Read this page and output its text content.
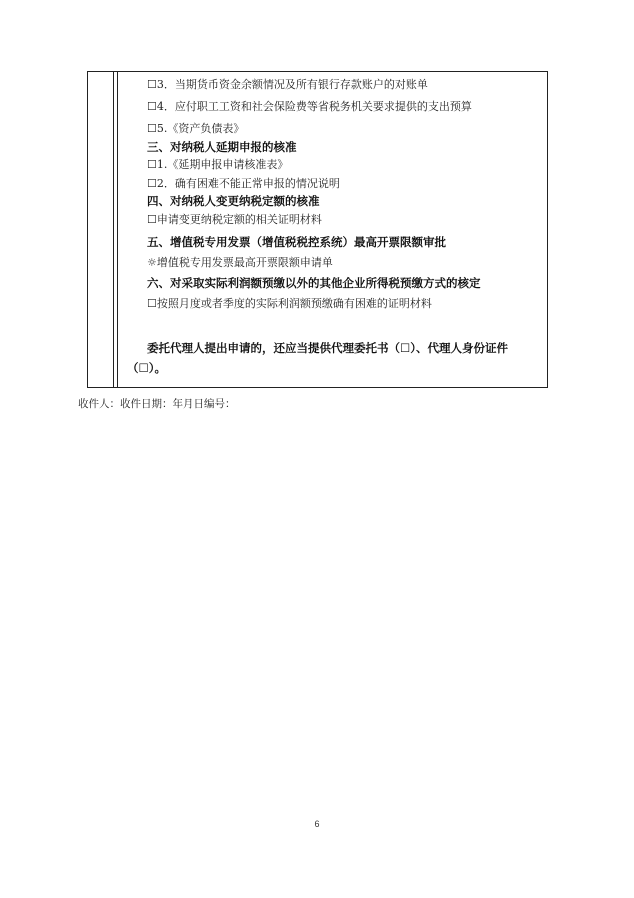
☐3．当期货币资金余额情况及所有银行存款账户的对账单
☐4．应付职工工资和社会保险费等省税务机关要求提供的支出预算
☐5.《资产负债表》
三、对纳税人延期申报的核准
☐1.《延期申报申请核准表》
☐2．确有困难不能正常申报的情况说明
四、对纳税人变更纳税定额的核准
☐申请变更纳税定额的相关证明材料
五、增值税专用发票（增值税税控系统）最高开票限额审批
☼增值税专用发票最高开票限额申请单
六、对采取实际利润额预缴以外的其他企业所得税预缴方式的核定
☐按照月度或者季度的实际利润额预缴确有困难的证明材料
委托代理人提出申请的，还应当提供代理委托书（☐）、代理人身份证件（☐）。
收件人：收件日期：年月日编号：
6
